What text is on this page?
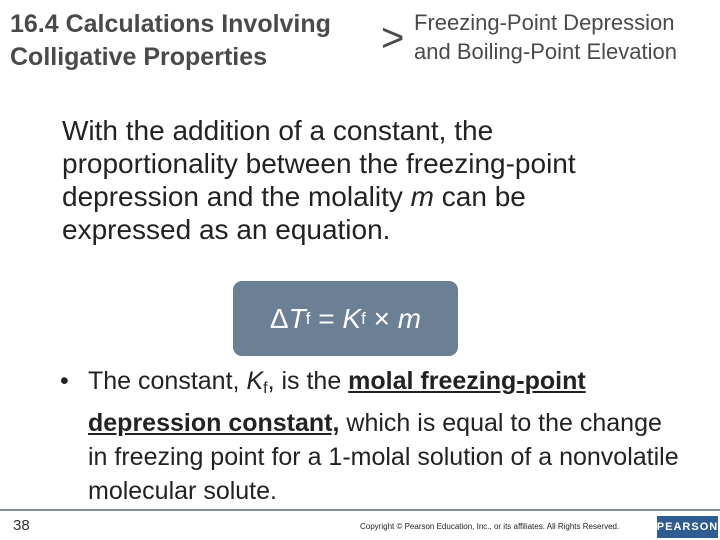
16.4 Calculations Involving
Colligative Properties	> Freezing-Point Depression
and Boiling-Point Elevation
With the addition of a constant, the proportionality between the freezing-point depression and the molality m can be expressed as an equation.
Δ T f = K f × m
• The constant, $K_f$, is the molal freezing-point depression constant, which is equal to the change in freezing point for a 1-molal solution of a nonvolatile molecular solute.
38	Copyright © Pearson Education, Inc., or its affiliates. All Rights Reserved.	PEARSON
